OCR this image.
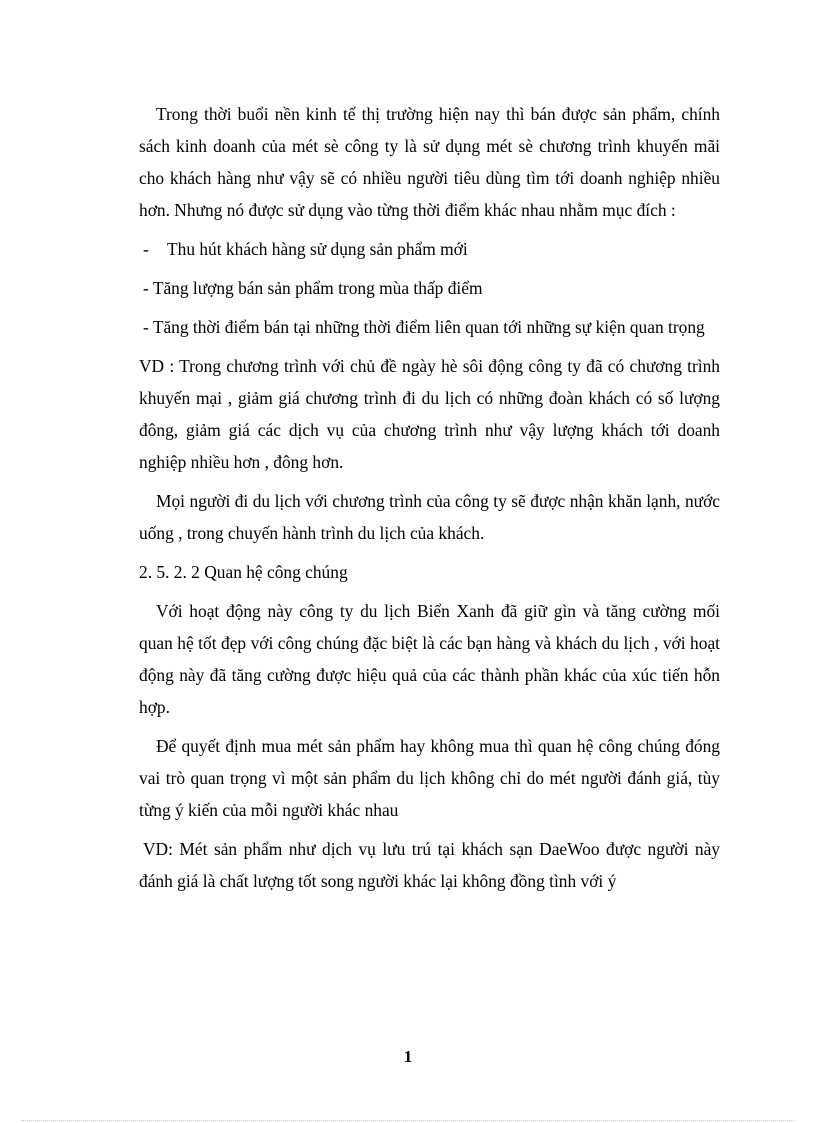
Trong thời buổi nền kinh tế thị trường hiện nay thì bán được sản phẩm, chính sách kinh doanh của mét sè công ty là sử dụng mét sè chương trình khuyến mãi cho khách hàng như vậy sẽ có nhiều người tiêu dùng tìm tới doanh nghiệp nhiều hơn. Nhưng nó được sử dụng vào từng thời điểm khác nhau nhằm mục đích :

- Thu hút khách hàng sử dụng sản phẩm mới

- Tăng lượng bán sản phẩm trong mùa thấp điểm

- Tăng thời điểm bán tại những thời điểm liên quan tới những sự kiện quan trọng

VD : Trong chương trình với chủ đề ngày hè sôi động công ty đã có chương trình khuyến mại , giảm giá chương trình đi du lịch có những đoàn khách có số lượng đông, giảm giá các dịch vụ của chương trình như vậy lượng khách tới doanh nghiệp nhiều hơn , đông hơn.

Mọi người đi du lịch với chương trình của công ty sẽ được nhận khăn lạnh, nước uống , trong chuyến hành trình du lịch của khách.

2. 5. 2. 2 Quan hệ công chúng

Với hoạt động này công ty du lịch Biển Xanh đã giữ gìn và tăng cường mối quan hệ tốt đẹp với công chúng đặc biệt là các bạn hàng và khách du lịch , với hoạt động này đã tăng cường được hiệu quả của các thành phần khác của xúc tiến hỗn hợp.

Để quyết định mua mét sản phẩm hay không mua thì quan hệ công chúng đóng vai trò quan trọng vì một sản phẩm du lịch không chỉ do mét người đánh giá, tùy từng ý kiến của mỗi người khác nhau

VD: Mét sản phẩm như dịch vụ lưu trú tại khách sạn DaeWoo được người này đánh giá là chất lượng tốt song người khác lại không đồng tình với ý

1
